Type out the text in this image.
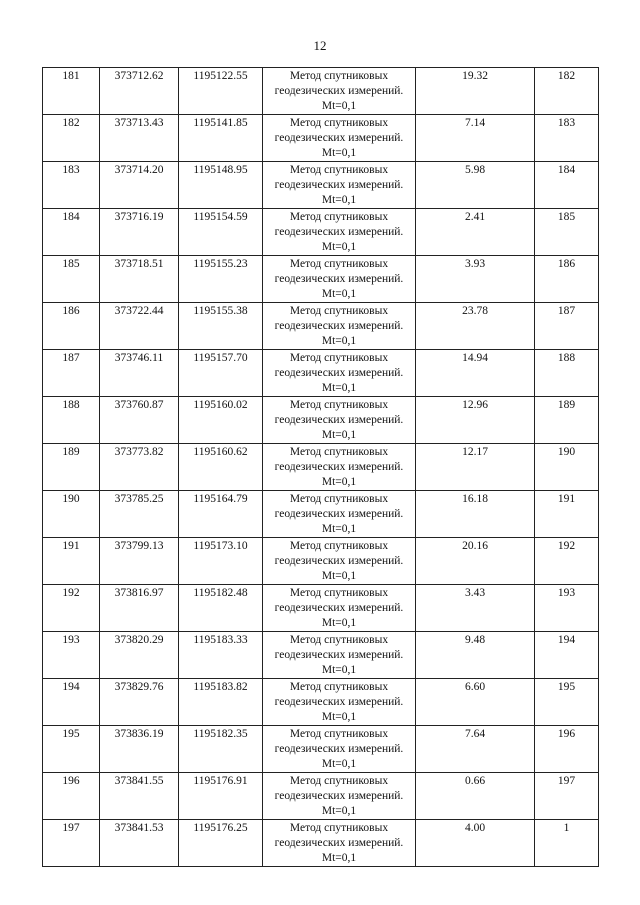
12
181	373712.62	1195122.55	Метод спутниковых
геодезических измерений.
Mt=0,1	19.32	182
182	373713.43	1195141.85	Метод спутниковых
геодезических измерений.
Mt=0,1	7.14	183
183	373714.20	1195148.95	Метод спутниковых
геодезических измерений.
Mt=0,1	5.98	184
184	373716.19	1195154.59	Метод спутниковых
геодезических измерений.
Mt=0,1	2.41	185
185	373718.51	1195155.23	Метод спутниковых
геодезических измерений.
Mt=0,1	3.93	186
186	373722.44	1195155.38	Метод спутниковых
геодезических измерений.
Mt=0,1	23.78	187
187	373746.11	1195157.70	Метод спутниковых
геодезических измерений.
Mt=0,1	14.94	188
188	373760.87	1195160.02	Метод спутниковых
геодезических измерений.
Mt=0,1	12.96	189
189	373773.82	1195160.62	Метод спутниковых
геодезических измерений.
Mt=0,1	12.17	190
190	373785.25	1195164.79	Метод спутниковых
геодезических измерений.
Mt=0,1	16.18	191
191	373799.13	1195173.10	Метод спутниковых
геодезических измерений.
Mt=0,1	20.16	192
192	373816.97	1195182.48	Метод спутниковых
геодезических измерений.
Mt=0,1	3.43	193
193	373820.29	1195183.33	Метод спутниковых
геодезических измерений.
Mt=0,1	9.48	194
194	373829.76	1195183.82	Метод спутниковых
геодезических измерений.
Mt=0,1	6.60	195
195	373836.19	1195182.35	Метод спутниковых
геодезических измерений.
Mt=0,1	7.64	196
196	373841.55	1195176.91	Метод спутниковых
геодезических измерений.
Mt=0,1	0.66	197
197	373841.53	1195176.25	Метод спутниковых
геодезических измерений.
Mt=0,1	4.00	1
